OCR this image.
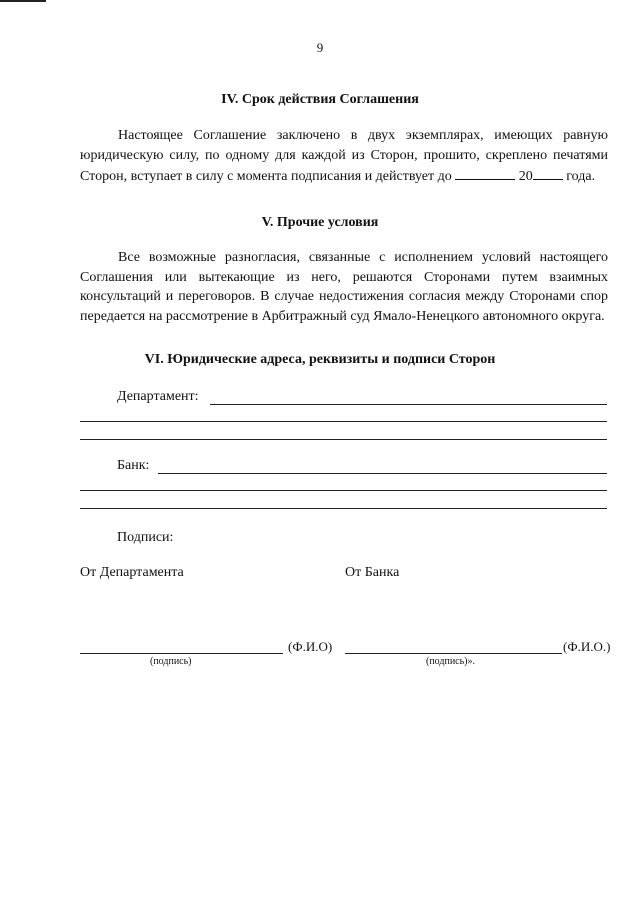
9
IV. Срок действия Соглашения

Настоящее Соглашение заключено в двух экземплярах, имеющих равную юридическую силу, по одному для каждой из Сторон, прошито, скреплено печатями Сторон, вступает в силу с момента подписания и действует до	20 года.

V. Прочие условия

Все возможные разногласия, связанные с исполнением условий настоящего Соглашения или вытекающие из него, решаются Сторонами путем взаимных консультаций и переговоров. В случае недостижения согласия между Сторонами спор передается на рассмотрение в Арбитражный суд Ямало-Ненецкого автономного округа.

VI. Юридические адреса, реквизиты и подписи Сторон
Департамент:
Банк:
Подписи:
От Департамента	От Банка
(Ф.И.О)
(подпись)
(Ф.И.О.)
(подпись)».
